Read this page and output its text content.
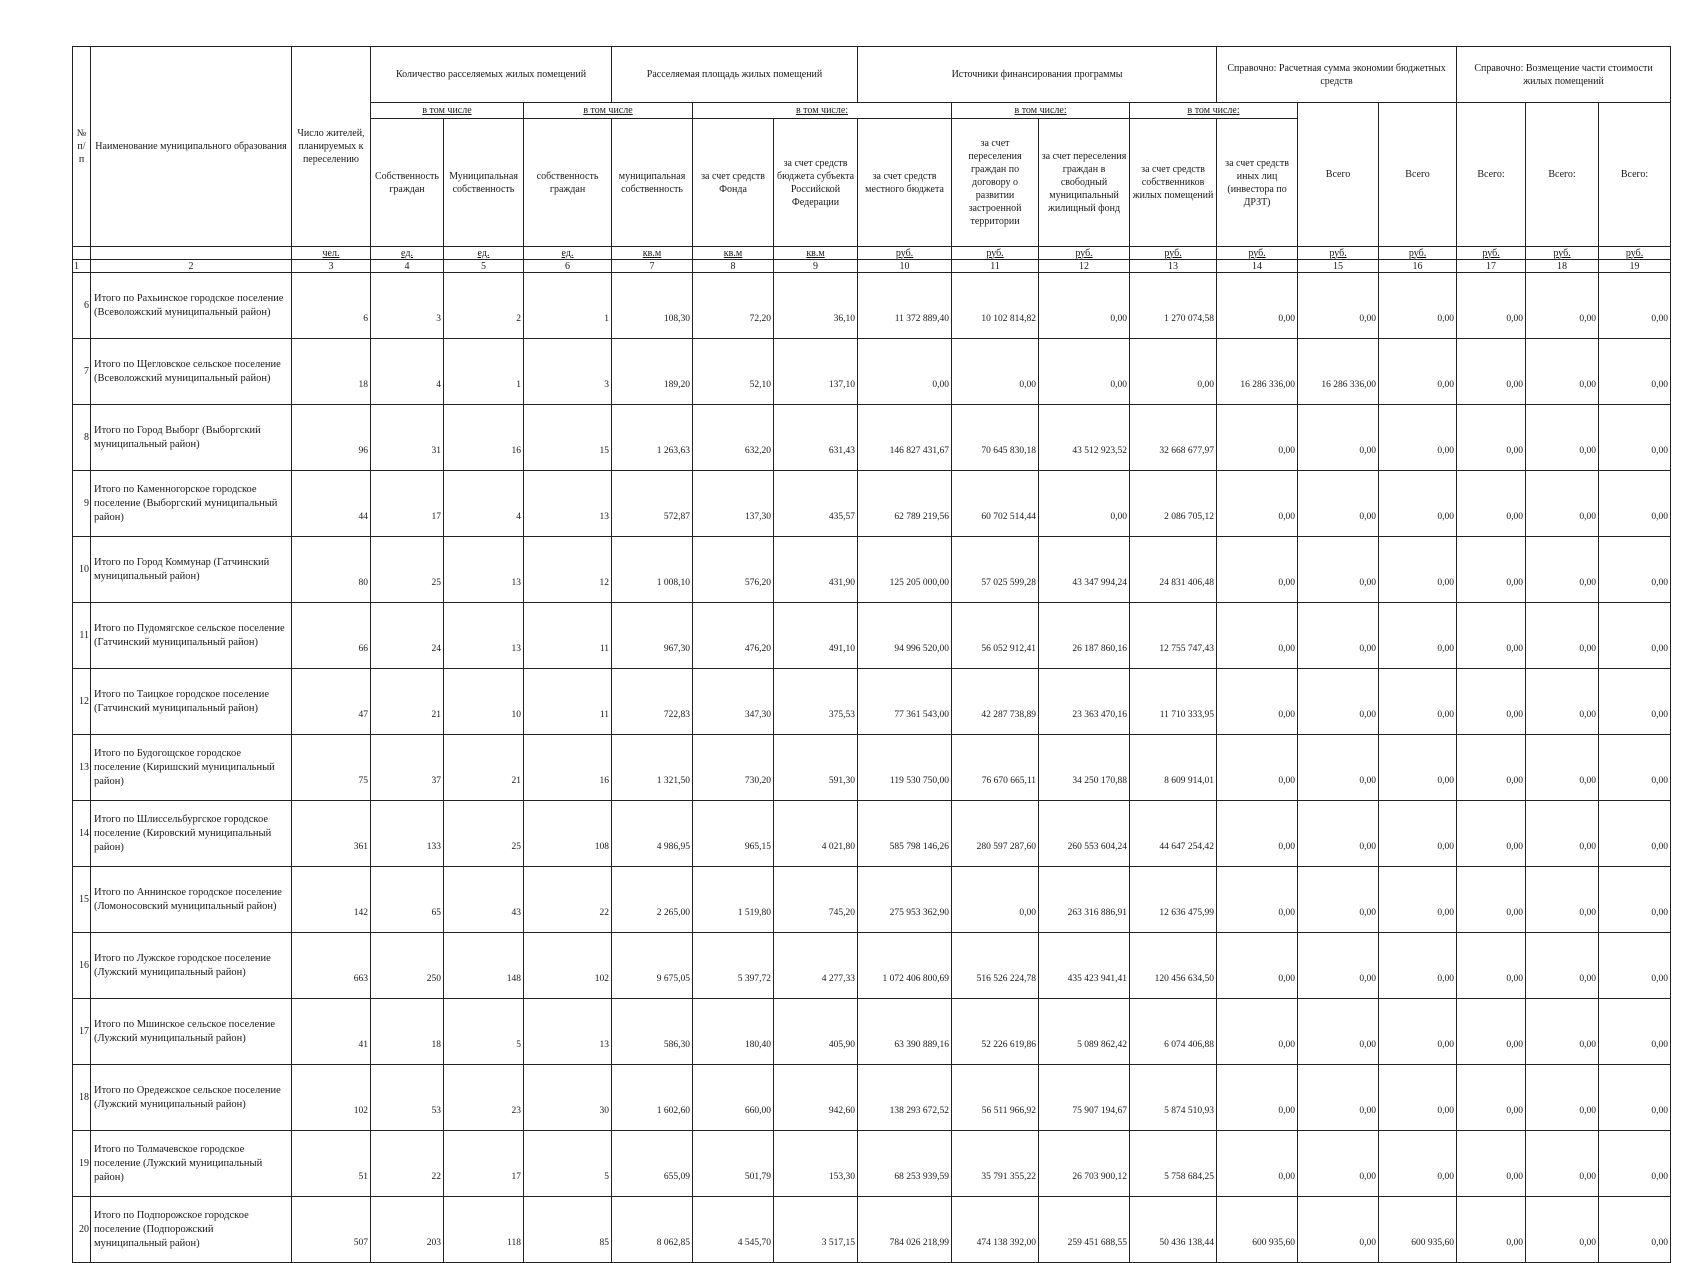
№ п/п	Наименование муниципального образования	Число жителей, планируемых к переселению	Количество расселяемых жилых помещений			Расселяемая площадь жилых помещений			Источники финансирования программы				Справочно: Расчетная сумма экономии бюджетных средств			Справочно: Возмещение части стоимости жилых помещений		
			в том числе		в том числе		в том числе:			в том числе:		в том числе:		Всего	Всего	Всего:	Всего:	Всего:
			Собственность граждан	Муниципальная собственность	собственность граждан	муниципальная собственность	за счет средств Фонда	за счет средств бюджета субъекта Российской Федерации	за счет средств местного бюджета	за счет переселения граждан по договору о развитии застроенной территории	за счет переселения граждан в свободный муниципальный жилищный фонд	за счет средств собственников жилых помещений	за счет средств иных лиц (инвестора по ДРЗТ)					
		чел.	ед.	ед.	ед.	кв.м	кв.м	кв.м	руб.	руб.	руб.	руб.	руб.	руб.	руб.	руб.	руб.	руб.
1	2	3	4	5	6	7	8	9	10	11	12	13	14	15	16	17	18	19
6	Итого по Рахьинское городское поселение (Всеволожский муниципальный район)	6	3	2	1	108,30	72,20	36,10	11 372 889,40	10 102 814,82	0,00	1 270 074,58	0,00	0,00	0,00	0,00	0,00	0,00
7	Итого по Щегловское сельское поселение (Всеволожский муниципальный район)	18	4	1	3	189,20	52,10	137,10	0,00	0,00	0,00	0,00	16 286 336,00	16 286 336,00	0,00	0,00	0,00	0,00
8	Итого по Город Выборг (Выборгский муниципальный район)	96	31	16	15	1 263,63	632,20	631,43	146 827 431,67	70 645 830,18	43 512 923,52	32 668 677,97	0,00	0,00	0,00	0,00	0,00	0,00
9	Итого по Каменногорское городское поселение (Выборгский муниципальный район)	44	17	4	13	572,87	137,30	435,57	62 789 219,56	60 702 514,44	0,00	2 086 705,12	0,00	0,00	0,00	0,00	0,00	0,00
10	Итого по Город Коммунар (Гатчинский муниципальный район)	80	25	13	12	1 008,10	576,20	431,90	125 205 000,00	57 025 599,28	43 347 994,24	24 831 406,48	0,00	0,00	0,00	0,00	0,00	0,00
11	Итого по Пудомягское сельское поселение (Гатчинский муниципальный район)	66	24	13	11	967,30	476,20	491,10	94 996 520,00	56 052 912,41	26 187 860,16	12 755 747,43	0,00	0,00	0,00	0,00	0,00	0,00
12	Итого по Таицкое городское поселение (Гатчинский муниципальный район)	47	21	10	11	722,83	347,30	375,53	77 361 543,00	42 287 738,89	23 363 470,16	11 710 333,95	0,00	0,00	0,00	0,00	0,00	0,00
13	Итого по Будогощское городское поселение (Киришский муниципальный район)	75	37	21	16	1 321,50	730,20	591,30	119 530 750,00	76 670 665,11	34 250 170,88	8 609 914,01	0,00	0,00	0,00	0,00	0,00	0,00
14	Итого по Шлиссельбургское городское поселение (Кировский муниципальный район)	361	133	25	108	4 986,95	965,15	4 021,80	585 798 146,26	280 597 287,60	260 553 604,24	44 647 254,42	0,00	0,00	0,00	0,00	0,00	0,00
15	Итого по Аннинское городское поселение (Ломоносовский муниципальный район)	142	65	43	22	2 265,00	1 519,80	745,20	275 953 362,90	0,00	263 316 886,91	12 636 475,99	0,00	0,00	0,00	0,00	0,00	0,00
16	Итого по Лужское городское поселение (Лужский муниципальный район)	663	250	148	102	9 675,05	5 397,72	4 277,33	1 072 406 800,69	516 526 224,78	435 423 941,41	120 456 634,50	0,00	0,00	0,00	0,00	0,00	0,00
17	Итого по Мшинское сельское поселение (Лужский муниципальный район)	41	18	5	13	586,30	180,40	405,90	63 390 889,16	52 226 619,86	5 089 862,42	6 074 406,88	0,00	0,00	0,00	0,00	0,00	0,00
18	Итого по Оредежское сельское поселение (Лужский муниципальный район)	102	53	23	30	1 602,60	660,00	942,60	138 293 672,52	56 511 966,92	75 907 194,67	5 874 510,93	0,00	0,00	0,00	0,00	0,00	0,00
19	Итого по Толмачевское городское поселение (Лужский муниципальный район)	51	22	17	5	655,09	501,79	153,30	68 253 939,59	35 791 355,22	26 703 900,12	5 758 684,25	0,00	0,00	0,00	0,00	0,00	0,00
20	Итого по Подпорожское городское поселение (Подпорожский муниципальный район)	507	203	118	85	8 062,85	4 545,70	3 517,15	784 026 218,99	474 138 392,00	259 451 688,55	50 436 138,44	600 935,60	0,00	600 935,60	0,00	0,00	0,00
